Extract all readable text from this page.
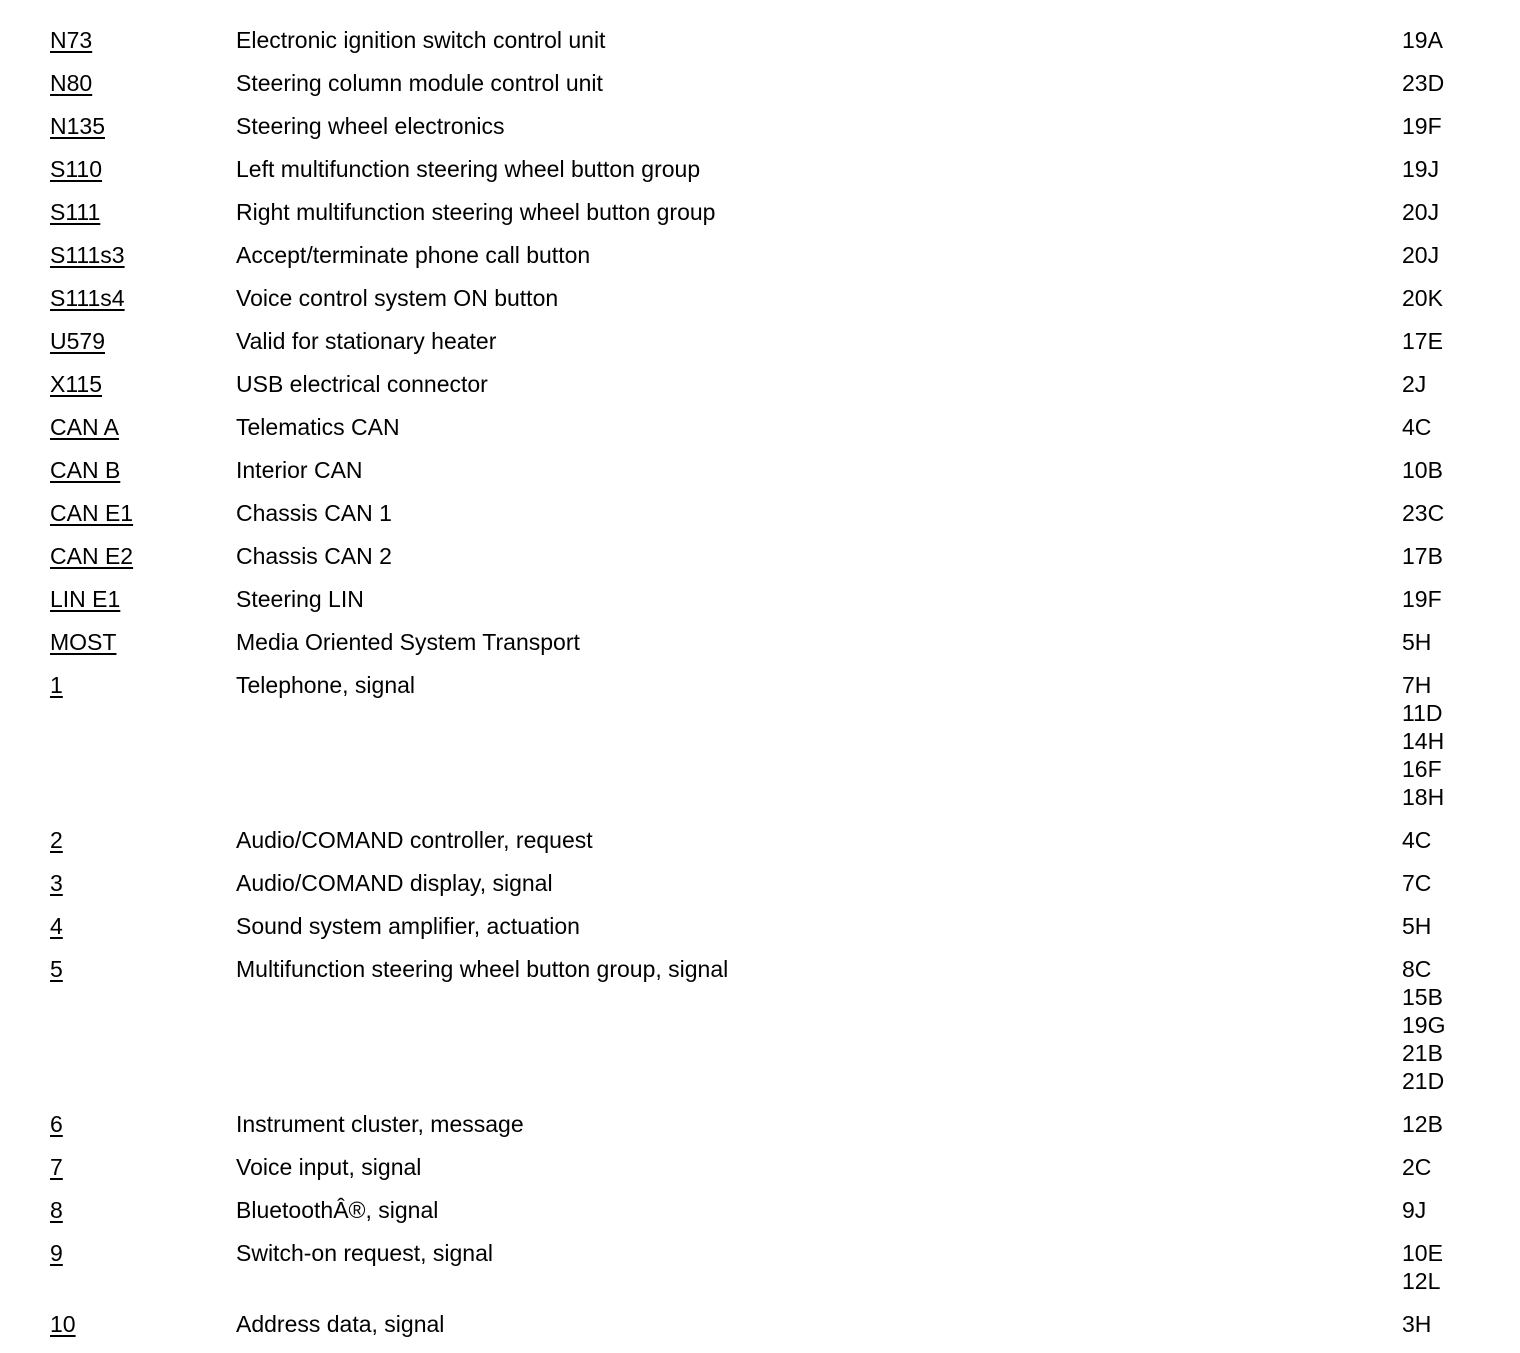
N73	Electronic ignition switch control unit	19A
N80	Steering column module control unit	23D
N135	Steering wheel electronics	19F
S110	Left multifunction steering wheel button group	19J
S111	Right multifunction steering wheel button group	20J
S111s3	Accept/terminate phone call button	20J
S111s4	Voice control system ON button	20K
U579	Valid for stationary heater	17E
X115	USB electrical connector	2J
CAN A	Telematics CAN	4C
CAN B	Interior CAN	10B
CAN E1	Chassis CAN 1	23C
CAN E2	Chassis CAN 2	17B
LIN E1	Steering LIN	19F
MOST	Media Oriented System Transport	5H
1	Telephone, signal	7H
11D
14H
16F
18H
2	Audio/COMAND controller, request	4C
3	Audio/COMAND display, signal	7C
4	Sound system amplifier, actuation	5H
5	Multifunction steering wheel button group, signal	8C
15B
19G
21B
21D
6	Instrument cluster, message	12B
7	Voice input, signal	2C
8	BluetoothÂ®, signal	9J
9	Switch-on request, signal	10E
12L
10	Address data, signal	3H
